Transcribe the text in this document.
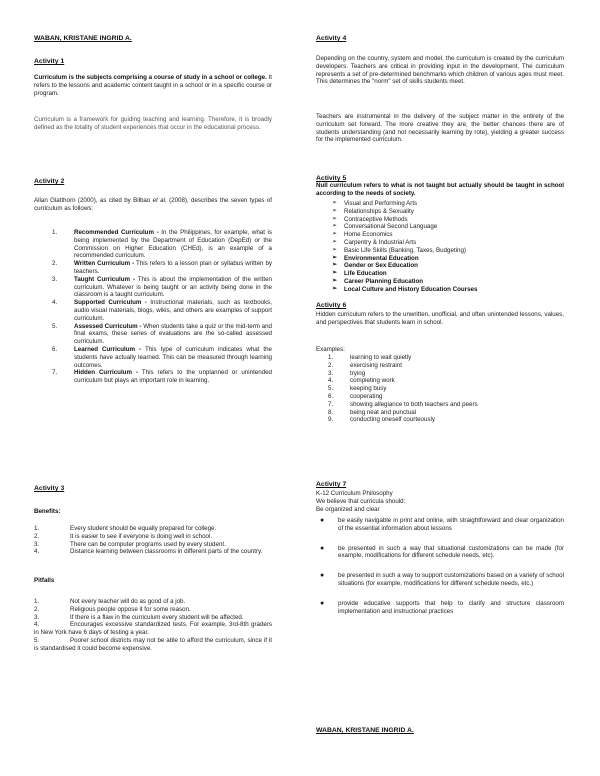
WABAN, KRISTANE INGRID A.
Activity 1
Curriculum is the subjects comprising a course of study in a school or college. It refers to the lessons and academic content taught in a school or in a specific course or program.
Curriculum is a framework for guiding teaching and learning. Therefore, it is broadly defined as the totality of student experiences that occur in the educational process.
Activity 2
Allan Glatthorn (2000), as cited by Bilbao et al. (2008), describes the seven types of curriculum as follows:
1.	Recommended Curriculum - In the Philippines, for example, what is being implemented by the Department of Education (DepEd) or the Commission on Higher Education (CHEd), is an example of a recommended curriculum.
2.	Written Curriculum - This refers to a lesson plan or syllabus written by teachers.
3.	Taught Curriculum - This is about the implementation of the written curriculum. Whatever is being taught or an activity being done in the classroom is a taught curriculum.
4.	Supported Curriculum - Instructional materials, such as textbooks, audio visual materials, blogs, wikis, and others are examples of support curriculum.
5.	Assessed Curriculum - When students take a quiz or the mid-term and final exams, these series of evaluations are the so-called assessed curriculum.
6.	Learned Curriculum - This type of curriculum indicates what the students have actually learned. This can be measured through learning outcomes.
7.	Hidden Curriculum - This refers to the unplanned or unintended curriculum but plays an important role in learning.
Activity 3
Benefits:
1.	Every student should be equally prepared for college.
2.	It is easier to see if everyone is doing well in school.
3.	There can be computer programs used by every student.
4.	Distance learning between classrooms in different parts of the country.
Pitfalls
1.	Not every teacher will do as good of a job.
2.	Religious people oppose it for some reason.
3.	If there is a flaw in the curriculum every student will be affected.
4.	Encourages excessive standardized tests. For example, 3rd-8th graders in New York have 6 days of testing a year.
5.	Poorer school districts may not be able to afford the curriculum, since if it is standardised it could become expensive.
Activity 4
Depending on the country, system and model, the curriculum is created by the curriculum developers. Teachers are critical in providing input in the development. The curriculum represents a set of pre-determined benchmarks which children of various ages must meet. This determines the "norm" set of skills students meet.
Teachers are instrumental in the delivery of the subject matter in the entirety of the curriculum set forward. The more creative they are, the better chances there are of students understanding (and not necessarily learning by rote), yielding a greater success for the implemented curriculum.
Activity 5
Null curriculum refers to what is not taught but actually should be taught in school according to the needs of society.
➢ Visual and Performing Arts
➢ Relationships & Sexuality
➢ Contraceptive Methods
➢ Conversational Second Language
➢ Home Economics
➢ Carpentry & Industrial Arts
➢ Basic Life Skills (Banking, Taxes, Budgeting)
➢ Environmental Education
➢ Gender or Sex Education
➢ Life Education
➢ Career Planning Education
➢ Local Culture and History Education Courses
Activity 6
Hidden curriculum refers to the unwritten, unofficial, and often unintended lessons, values, and perspectives that students learn in school.
Examples:
1.	learning to wait quietly
2.	exercising restraint
3.	trying
4.	completing work
5.	keeping busy
6.	cooperating
7.	showing allegiance to both teachers and peers
8.	being neat and punctual
9.	conducting oneself courteously
Activity 7
K-12 Curriculum Philosophy
We believe that curricula should:
Be organized and clear
● be easily navigable in print and online, with straightforward and clear organization of the essential information about lessons
● be presented in such a way that situational customizations can be made (for example, modifications for different schedule needs, etc).
● be presented in such a way to support customizations based on a variety of school situations (for example, modifications for different schedule needs, etc.)
● provide educative supports that help to clarify and structure classroom implementation and instructional practices
WABAN, KRISTANE INGRID A.
